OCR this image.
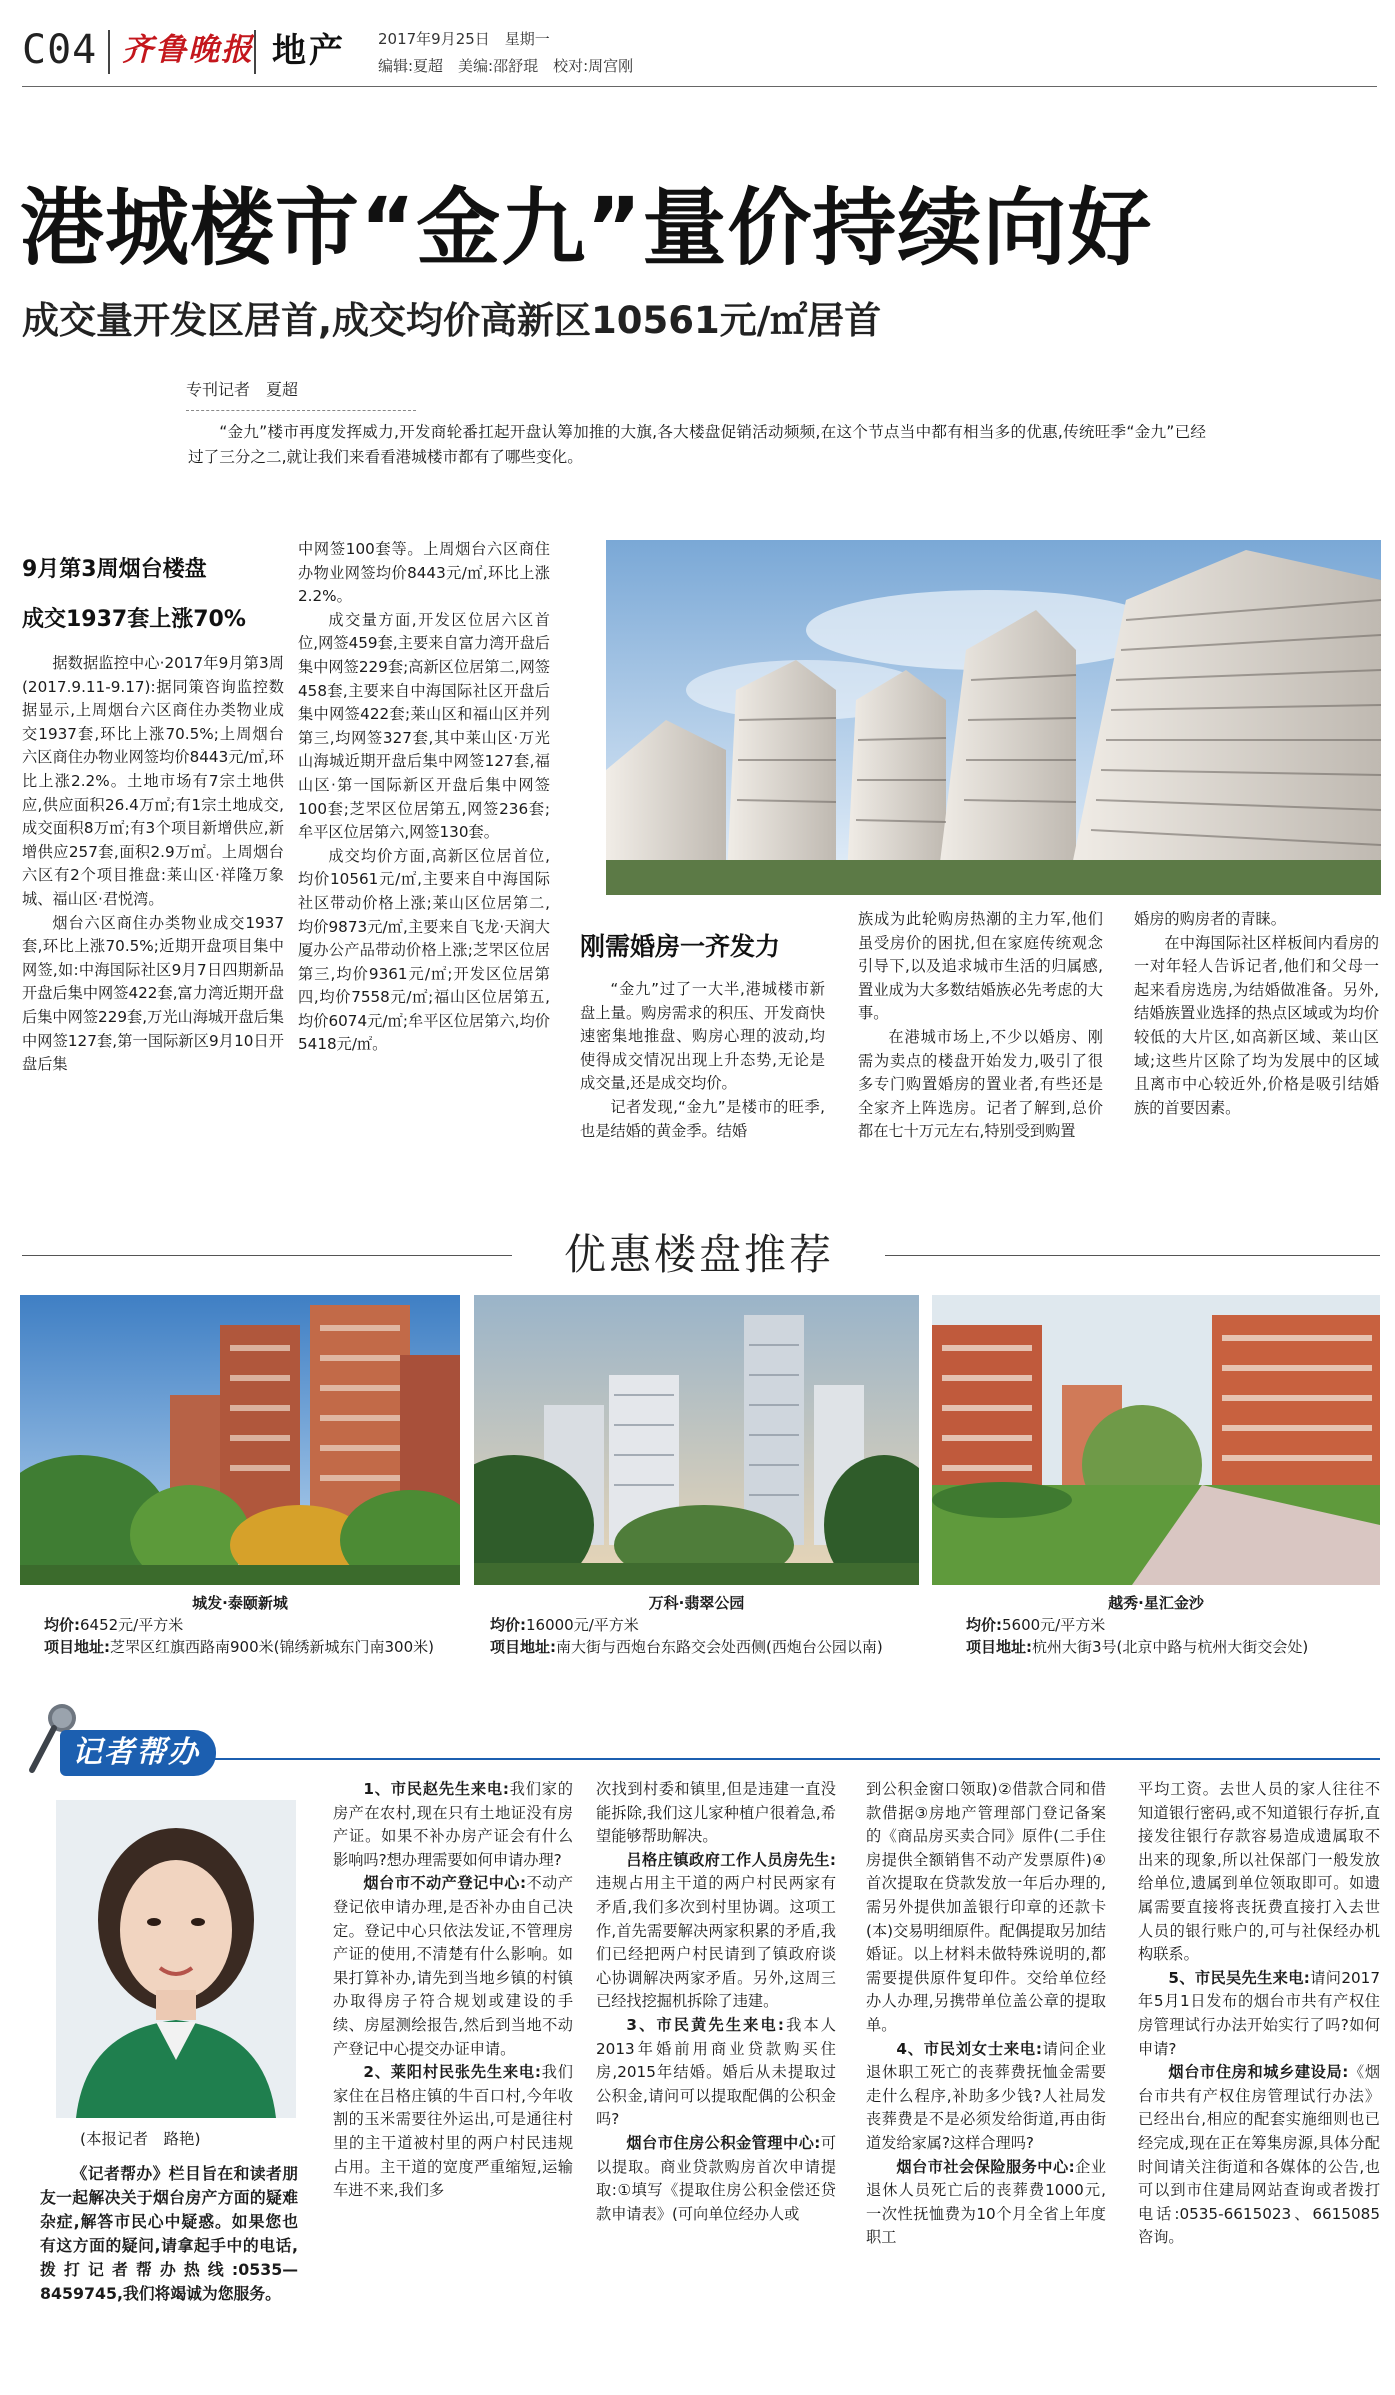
C04 齐鲁晚报 地产 2017年9月25日　星期一
编辑:夏超　美编:邵舒琨　校对:周宫刚
港城楼市“金九”量价持续向好
成交量开发区居首,成交均价高新区10561元/㎡居首
专刊记者　夏超

“金九”楼市再度发挥威力,开发商轮番扛起开盘认筹加推的大旗,各大楼盘促销活动频频,在这个节点当中都有相当多的优惠,传统旺季“金九”已经过了三分之二,就让我们来看看港城楼市都有了哪些变化。

9月第3周烟台楼盘
成交1937套上涨70%

据数据监控中心·2017年9月第3周(2017.9.11-9.17):据同策咨询监控数据显示,上周烟台六区商住办类物业成交1937套,环比上涨70.5%;上周烟台六区商住办物业网签均价8443元/㎡,环比上涨2.2%。土地市场有7宗土地供应,供应面积26.4万㎡;有1宗土地成交,成交面积8万㎡;有3个项目新增供应,新增供应257套,面积2.9万㎡。上周烟台六区有2个项目推盘:莱山区·祥隆万象城、福山区·君悦湾。

烟台六区商住办类物业成交1937套,环比上涨70.5%;近期开盘项目集中网签,如:中海国际社区9月7日四期新品开盘后集中网签422套,富力湾近期开盘后集中网签229套,万光山海城开盘后集中网签127套,第一国际新区9月10日开盘后集

中网签100套等。上周烟台六区商住办物业网签均价8443元/㎡,环比上涨2.2%。

成交量方面,开发区位居六区首位,网签459套,主要来自富力湾开盘后集中网签229套;高新区位居第二,网签458套,主要来自中海国际社区开盘后集中网签422套;莱山区和福山区并列第三,均网签327套,其中莱山区·万光山海城近期开盘后集中网签127套,福山区·第一国际新区开盘后集中网签100套;芝罘区位居第五,网签236套;牟平区位居第六,网签130套。

成交均价方面,高新区位居首位,均价10561元/㎡,主要来自中海国际社区带动价格上涨;莱山区位居第二,均价9873元/㎡,主要来自飞龙·天润大厦办公产品带动价格上涨;芝罘区位居第三,均价9361元/㎡;开发区位居第四,均价7558元/㎡;福山区位居第五,均价6074元/㎡;牟平区位居第六,均价5418元/㎡。

刚需婚房一齐发力

“金九”过了一大半,港城楼市新盘上量。购房需求的积压、开发商快速密集地推盘、购房心理的波动,均使得成交情况出现上升态势,无论是成交量,还是成交均价。

记者发现,“金九”是楼市的旺季,也是结婚的黄金季。结婚

族成为此轮购房热潮的主力军,他们虽受房价的困扰,但在家庭传统观念引导下,以及追求城市生活的归属感,置业成为大多数结婚族必先考虑的大事。

在港城市场上,不少以婚房、刚需为卖点的楼盘开始发力,吸引了很多专门购置婚房的置业者,有些还是全家齐上阵选房。记者了解到,总价都在七十万元左右,特别受到购置

婚房的购房者的青睐。

在中海国际社区样板间内看房的一对年轻人告诉记者,他们和父母一起来看房选房,为结婚做准备。另外,结婚族置业选择的热点区域或为均价较低的大片区,如高新区域、莱山区域;这些片区除了均为发展中的区域且离市中心较近外,价格是吸引结婚族的首要因素。

优惠楼盘推荐
城发·泰颐新城
均价:6452元/平方米
项目地址:芝罘区红旗西路南900米(锦绣新城东门南300米)
万科·翡翠公园
均价:16000元/平方米
项目地址:南大街与西炮台东路交会处西侧(西炮台公园以南)
越秀·星汇金沙
均价:5600元/平方米
项目地址:杭州大街3号(北京中路与杭州大街交会处)
记者帮办
(本报记者　路艳)

《记者帮办》栏目旨在和读者朋友一起解决关于烟台房产方面的疑难杂症,解答市民心中疑惑。如果您也有这方面的疑问,请拿起手中的电话,拨打记者帮办热线:0535—8459745,我们将竭诚为您服务。

1、市民赵先生来电:我们家的房产在农村,现在只有土地证没有房产证。如果不补办房产证会有什么影响吗?想办理需要如何申请办理?

烟台市不动产登记中心:不动产登记依申请办理,是否补办由自己决定。登记中心只依法发证,不管理房产证的使用,不清楚有什么影响。如果打算补办,请先到当地乡镇的村镇办取得房子符合规划或建设的手续、房屋测绘报告,然后到当地不动产登记中心提交办证申请。

2、莱阳村民张先生来电:我们家住在吕格庄镇的牛百口村,今年收割的玉米需要往外运出,可是通往村里的主干道被村里的两户村民违规占用。主干道的宽度严重缩短,运输车进不来,我们多

次找到村委和镇里,但是违建一直没能拆除,我们这儿家种植户很着急,希望能够帮助解决。

吕格庄镇政府工作人员房先生:违规占用主干道的两户村民两家有矛盾,我们多次到村里协调。这项工作,首先需要解决两家积累的矛盾,我们已经把两户村民请到了镇政府谈心协调解决两家矛盾。另外,这周三已经找挖掘机拆除了违建。

3、市民黄先生来电:我本人2013年婚前用商业贷款购买住房,2015年结婚。婚后从未提取过公积金,请问可以提取配偶的公积金吗?

烟台市住房公积金管理中心:可以提取。商业贷款购房首次申请提取:①填写《提取住房公积金偿还贷款申请表》(可向单位经办人或

到公积金窗口领取)②借款合同和借款借据③房地产管理部门登记备案的《商品房买卖合同》原件(二手住房提供全额销售不动产发票原件)④首次提取在贷款发放一年后办理的,需另外提供加盖银行印章的还款卡(本)交易明细原件。配偶提取另加结婚证。以上材料未做特殊说明的,都需要提供原件复印件。交给单位经办人办理,另携带单位盖公章的提取单。

4、市民刘女士来电:请问企业退休职工死亡的丧葬费抚恤金需要走什么程序,补助多少钱?人社局发丧葬费是不是必须发给街道,再由街道发给家属?这样合理吗?

烟台市社会保险服务中心:企业退休人员死亡后的丧葬费1000元,一次性抚恤费为10个月全省上年度职工

平均工资。去世人员的家人往往不知道银行密码,或不知道银行存折,直接发往银行存款容易造成遗属取不出来的现象,所以社保部门一般发放给单位,遗属到单位领取即可。如遗属需要直接将丧抚费直接打入去世人员的银行账户的,可与社保经办机构联系。

5、市民吴先生来电:请问2017年5月1日发布的烟台市共有产权住房管理试行办法开始实行了吗?如何申请?

烟台市住房和城乡建设局:《烟台市共有产权住房管理试行办法》已经出台,相应的配套实施细则也已经完成,现在正在筹集房源,具体分配时间请关注街道和各媒体的公告,也可以到市住建局网站查询或者拨打电话:0535-6615023、6615085咨询。
